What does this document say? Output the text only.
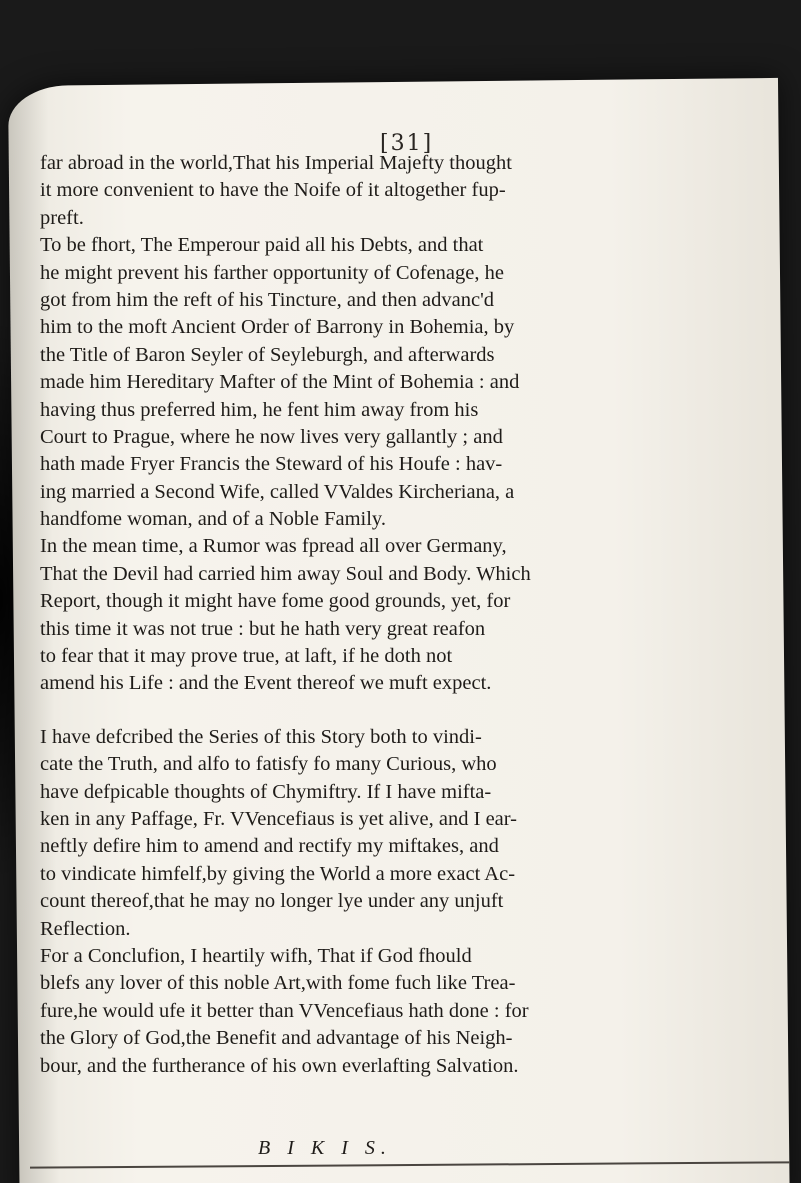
[31]
far abroad in the world,That his Imperial Majefty thought
it more convenient to have the Noife of it altogether fup-
preft.
To be fhort, The Emperour paid all his Debts, and that
he might prevent his farther opportunity of Cofenage, he
got from him the reft of his Tincture, and then advanc'd
him to the moft Ancient Order of Barrony in Bohemia, by
the Title of Baron Seyler of Seyleburgh, and afterwards
made him Hereditary Mafter of the Mint of Bohemia : and
having thus preferred him, he fent him away from his
Court to Prague, where he now lives very gallantly ; and
hath made Fryer Francis the Steward of his Houfe : hav-
ing married a Second Wife, called VValdes Kircheriana, a
handfome woman, and of a Noble Family.
In the mean time, a Rumor was fpread all over Germany,
That the Devil had carried him away Soul and Body. Which
Report, though it might have fome good grounds, yet, for
this time it was not true : but he hath very great reafon
to fear that it may prove true, at laft, if he doth not
amend his Life : and the Event thereof we muft expect.
I have defcribed the Series of this Story both to vindi-
cate the Truth, and alfo to fatisfy fo many Curious, who
have defpicable thoughts of Chymiftry. If I have mifta-
ken in any Paffage, Fr. VVencefiaus is yet alive, and I ear-
neftly defire him to amend and rectify my miftakes, and
to vindicate himfelf,by giving the World a more exact Ac-
count thereof,that he may no longer lye under any unjuft
Reflection.
For a Conclufion, I heartily wifh, That if God fhould
blefs any lover of this noble Art,with fome fuch like Trea-
fure,he would ufe it better than VVencefiaus hath done : for
the Glory of God,the Benefit and advantage of his Neigh-
bour, and the furtherance of his own everlafting Salvation.
B I K I S.
